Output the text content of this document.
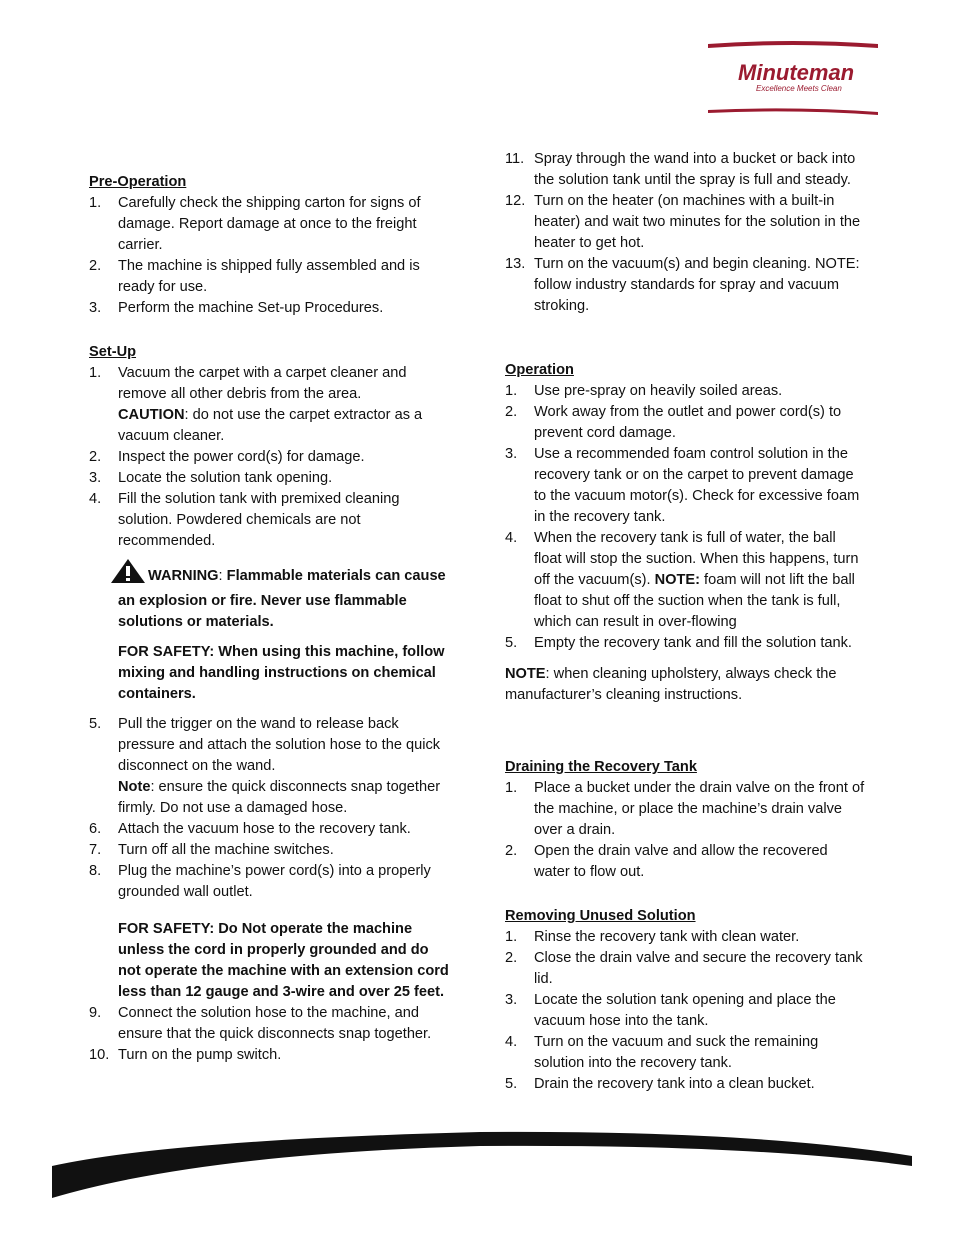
Minuteman
Excellence Meets Clean

Pre-Operation

1. Carefully check the shipping carton for signs of damage. Report damage at once to the freight carrier.
2. The machine is shipped fully assembled and is ready for use.
3. Perform the machine Set-up Procedures.

Set-Up

1. Vacuum the carpet with a carpet cleaner and remove all other debris from the area.
CAUTION: do not use the carpet extractor as a vacuum cleaner.
2. Inspect the power cord(s) for damage.
3. Locate the solution tank opening.
4. Fill the solution tank with premixed cleaning solution. Powdered chemicals are not recommended.
WARNING: Flammable materials can cause an explosion or fire. Never use flammable solutions or materials.

FOR SAFETY: When using this machine, follow mixing and handling instructions on chemical containers.

5. Pull the trigger on the wand to release back pressure and attach the solution hose to the quick disconnect on the wand.
Note: ensure the quick disconnects snap together firmly. Do not use a damaged hose.
6. Attach the vacuum hose to the recovery tank.
7. Turn off all the machine switches.
8. Plug the machine’s power cord(s) into a properly grounded wall outlet.

FOR SAFETY: Do Not operate the machine unless the cord in properly grounded and do not operate the machine with an extension cord less than 12 gauge and 3-wire and over 25 feet.

9. Connect the solution hose to the machine, and ensure that the quick disconnects snap together.
10. Turn on the pump switch.
11. Spray through the wand into a bucket or back into the solution tank until the spray is full and steady.
12. Turn on the heater (on machines with a built-in heater) and wait two minutes for the solution in the heater to get hot.
13. Turn on the vacuum(s) and begin cleaning. NOTE: follow industry standards for spray and vacuum stroking.

Operation

1. Use pre-spray on heavily soiled areas.
2. Work away from the outlet and power cord(s) to prevent cord damage.
3. Use a recommended foam control solution in the recovery tank or on the carpet to prevent damage to the vacuum motor(s). Check for excessive foam in the recovery tank.
4. When the recovery tank is full of water, the ball float will stop the suction. When this happens, turn off the vacuum(s). NOTE: foam will not lift the ball float to shut off the suction when the tank is full, which can result in over-flowing
5. Empty the recovery tank and fill the solution tank.

NOTE: when cleaning upholstery, always check the manufacturer’s cleaning instructions.

Draining the Recovery Tank

1. Place a bucket under the drain valve on the front of the machine, or place the machine’s drain valve over a drain.
2. Open the drain valve and allow the recovered water to flow out.

Removing Unused Solution

1. Rinse the recovery tank with clean water.
2. Close the drain valve and secure the recovery tank lid.
3. Locate the solution tank opening and place the vacuum hose into the tank.
4. Turn on the vacuum and suck the remaining solution into the recovery tank.
5. Drain the recovery tank into a clean bucket.
